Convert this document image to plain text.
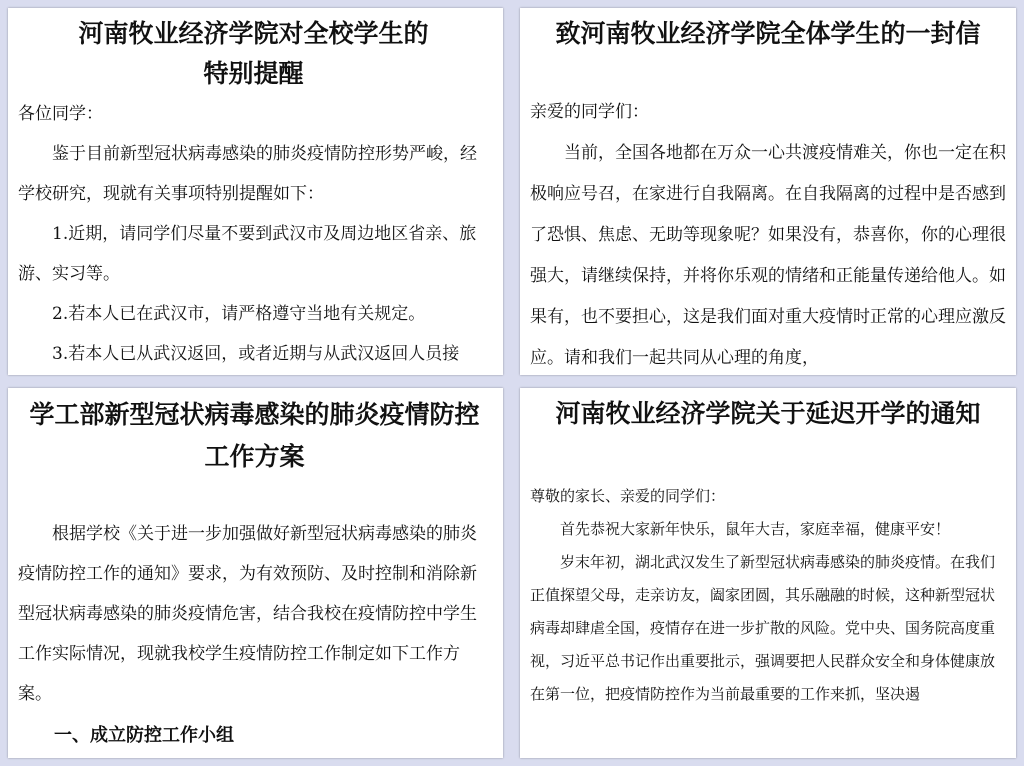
河南牧业经济学院对全校学生的
特别提醒

各位同学：

鉴于目前新型冠状病毒感染的肺炎疫情防控形势严峻，经学校研究，现就有关事项特别提醒如下：

1.近期，请同学们尽量不要到武汉市及周边地区省亲、旅游、实习等。

2.若本人已在武汉市，请严格遵守当地有关规定。

3.若本人已从武汉返回，或者近期与从武汉返回人员接

致河南牧业经济学院全体学生的一封信

亲爱的同学们：

当前，全国各地都在万众一心共渡疫情难关，你也一定在积极响应号召，在家进行自我隔离。在自我隔离的过程中是否感到了恐惧、焦虑、无助等现象呢？如果没有，恭喜你，你的心理很强大，请继续保持，并将你乐观的情绪和正能量传递给他人。如果有，也不要担心，这是我们面对重大疫情时正常的心理应激反应。请和我们一起共同从心理的角度，

学工部新型冠状病毒感染的肺炎疫情防控
工作方案

根据学校《关于进一步加强做好新型冠状病毒感染的肺炎疫情防控工作的通知》要求，为有效预防、及时控制和消除新型冠状病毒感染的肺炎疫情危害，结合我校在疫情防控中学生工作实际情况，现就我校学生疫情防控工作制定如下工作方案。

一、成立防控工作小组

河南牧业经济学院关于延迟开学的通知

尊敬的家长、亲爱的同学们：

首先恭祝大家新年快乐，鼠年大吉，家庭幸福，健康平安！

岁末年初，湖北武汉发生了新型冠状病毒感染的肺炎疫情。在我们正值探望父母，走亲访友，阖家团圆，其乐融融的时候，这种新型冠状病毒却肆虐全国，疫情存在进一步扩散的风险。党中央、国务院高度重视，习近平总书记作出重要批示，强调要把人民群众安全和身体健康放在第一位，把疫情防控作为当前最重要的工作来抓，坚决遏
